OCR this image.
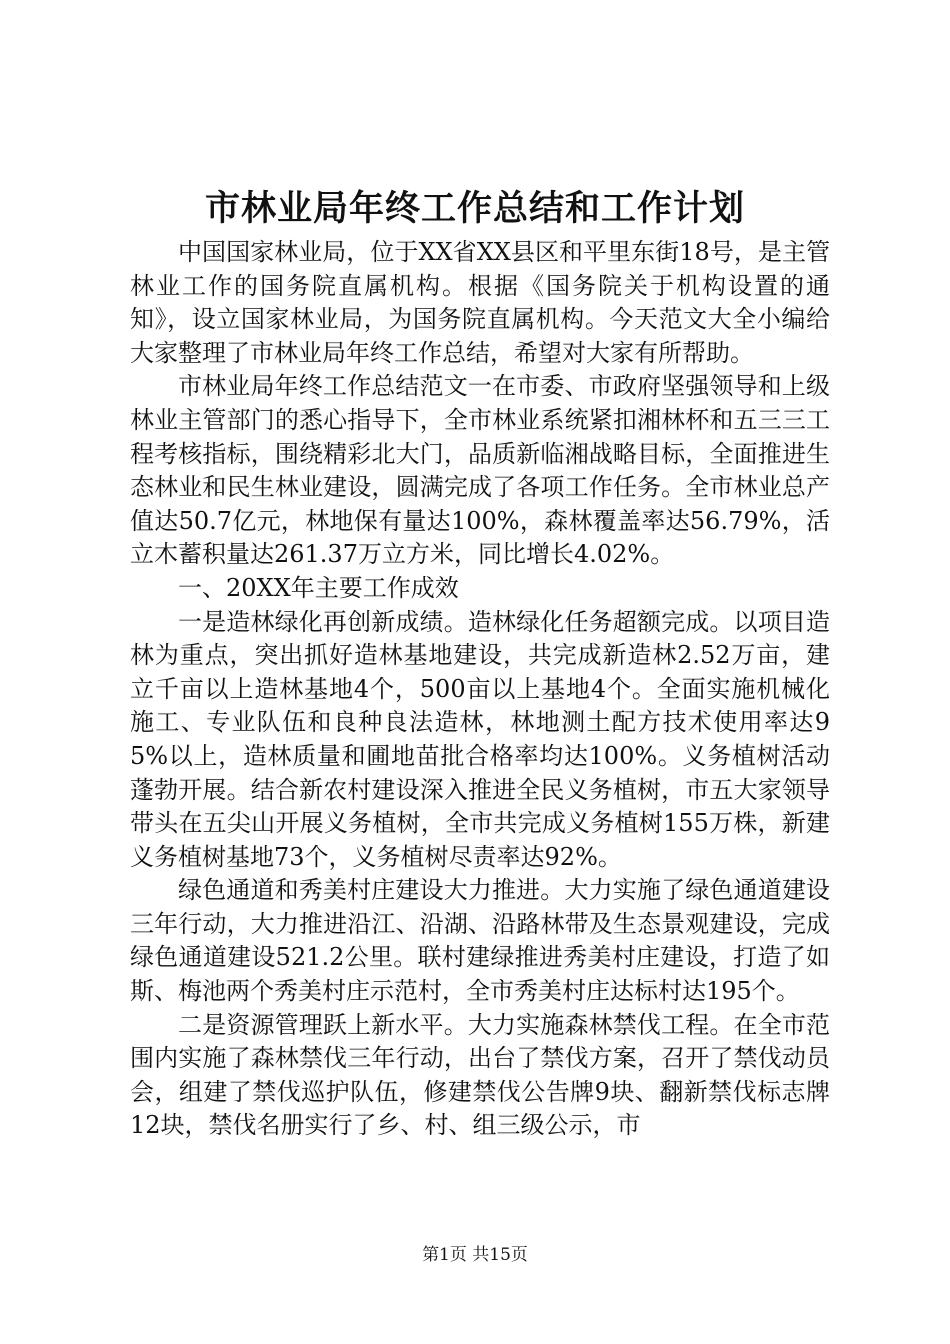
市林业局年终工作总结和工作计划

中国国家林业局，位于XX省XX县区和平里东街18号，是主管林业工作的国务院直属机构。根据《国务院关于机构设置的通知》，设立国家林业局，为国务院直属机构。今天范文大全小编给大家整理了市林业局年终工作总结，希望对大家有所帮助。

市林业局年终工作总结范文一在市委、市政府坚强领导和上级林业主管部门的悉心指导下，全市林业系统紧扣湘林杯和五三三工程考核指标，围绕精彩北大门，品质新临湘战略目标，全面推进生态林业和民生林业建设，圆满完成了各项工作任务。全市林业总产值达50.7亿元，林地保有量达100%，森林覆盖率达56.79%，活立木蓄积量达261.37万立方米，同比增长4.02%。

一、20XX年主要工作成效

一是造林绿化再创新成绩。造林绿化任务超额完成。以项目造林为重点，突出抓好造林基地建设，共完成新造林2.52万亩，建立千亩以上造林基地4个，500亩以上基地4个。全面实施机械化施工、专业队伍和良种良法造林，林地测土配方技术使用率达95%以上，造林质量和圃地苗批合格率均达100%。义务植树活动蓬勃开展。结合新农村建设深入推进全民义务植树，市五大家领导带头在五尖山开展义务植树，全市共完成义务植树155万株，新建义务植树基地73个，义务植树尽责率达92%。

绿色通道和秀美村庄建设大力推进。大力实施了绿色通道建设三年行动，大力推进沿江、沿湖、沿路林带及生态景观建设，完成绿色通道建设521.2公里。联村建绿推进秀美村庄建设，打造了如斯、梅池两个秀美村庄示范村，全市秀美村庄达标村达195个。

二是资源管理跃上新水平。大力实施森林禁伐工程。在全市范围内实施了森林禁伐三年行动，出台了禁伐方案，召开了禁伐动员会，组建了禁伐巡护队伍，修建禁伐公告牌9块、翻新禁伐标志牌12块，禁伐名册实行了乡、村、组三级公示，市

第1页 共15页
